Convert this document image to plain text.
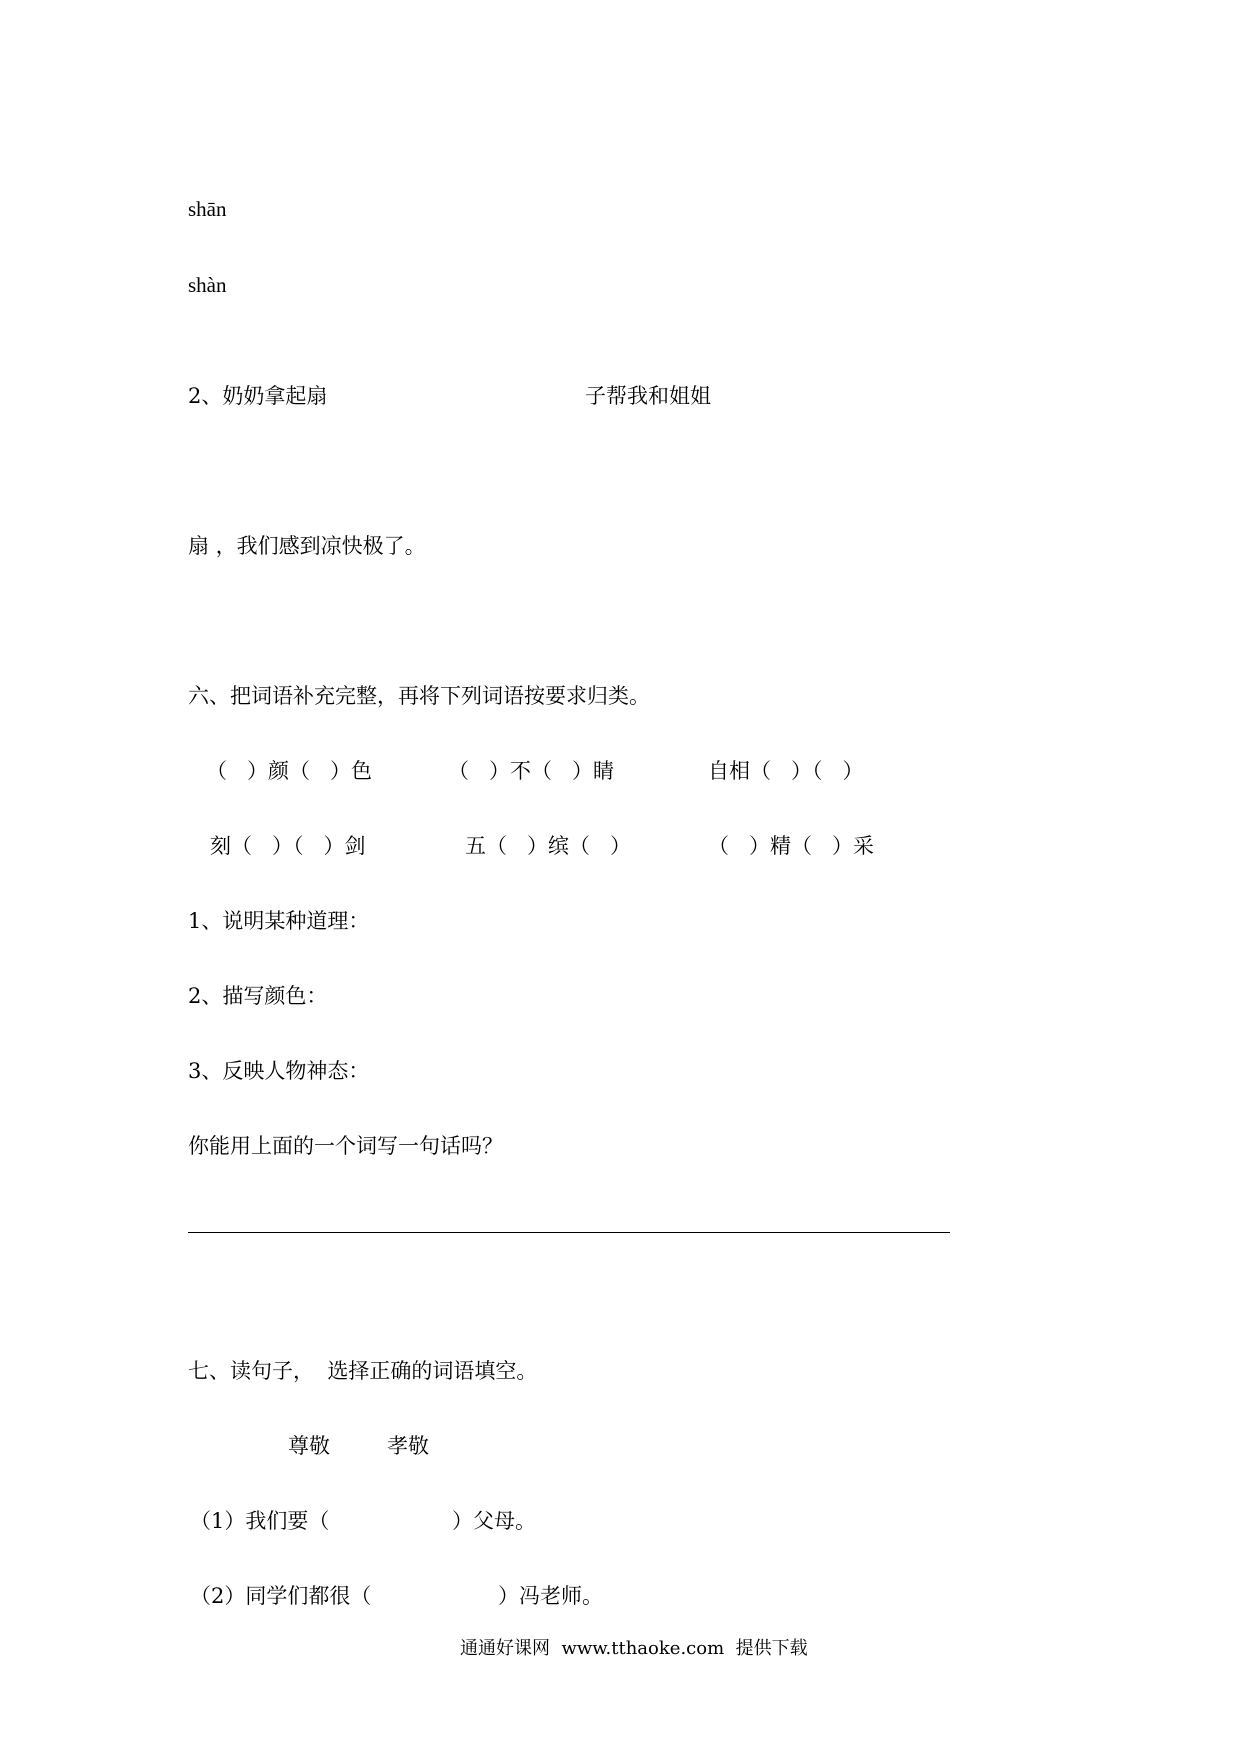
shān
shàn
2、奶奶拿起扇	子帮我和姐姐
扇 ，我们感到凉快极了。
六、把词语补充完整，再将下列词语按要求归类。
（   ）颜（   ）色	（   ）不（   ）睛	自相（   ）（   ）
刻（   ）（   ）剑	五（   ）缤（   ）	（   ）精（   ）采
1、说明某种道理：
2、描写颜色：
3、反映人物神态：
你能用上面的一个词写一句话吗？
七、读句子，  选择正确的词语填空。
尊敬	孝敬
（1）我们要（	）父母。
（2）同学们都很（	）冯老师。
通通好课网  www.tthaoke.com  提供下载
